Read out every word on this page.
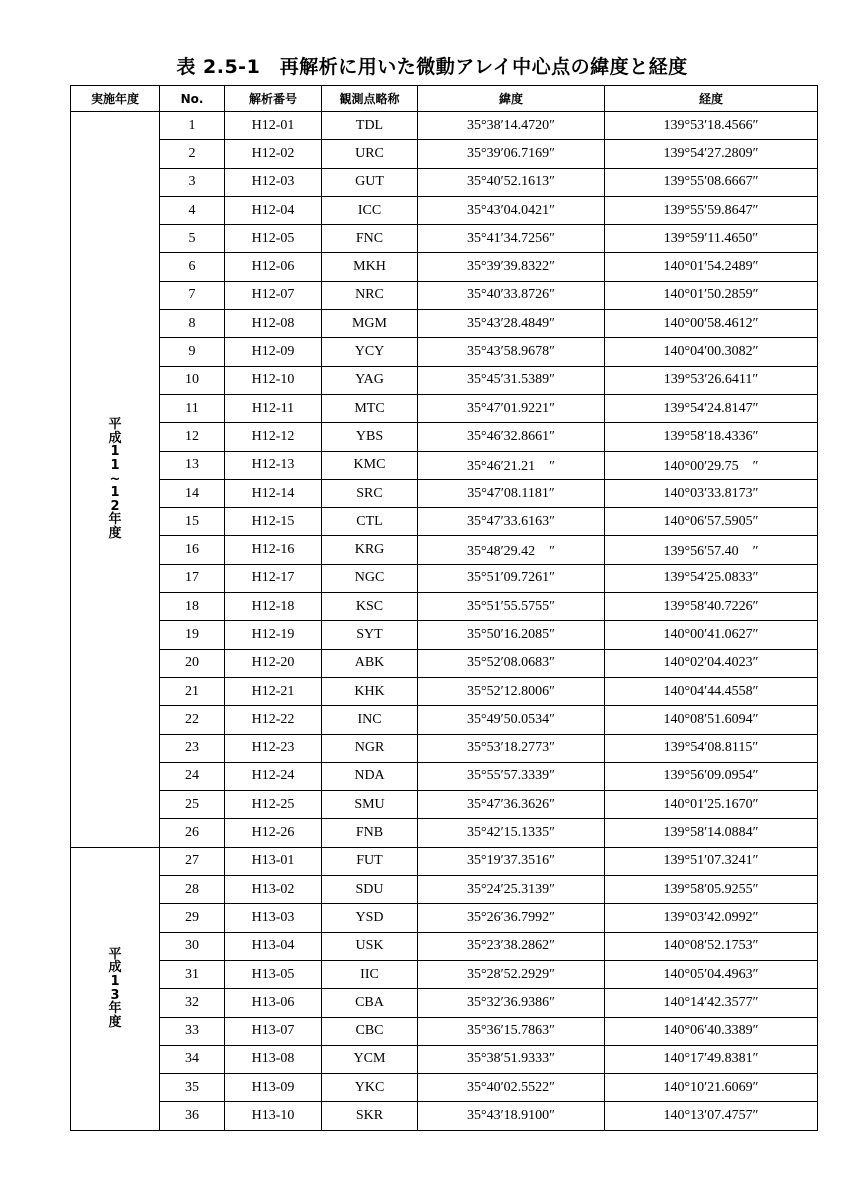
表 2.5-1　再解析に用いた微動アレイ中心点の緯度と経度
実施年度	No.	解析番号	観測点略称	緯度	経度
平成11~12年度	1	H12-01	TDL	35°38′14.4720″	139°53′18.4566″
	2	H12-02	URC	35°39′06.7169″	139°54′27.2809″
	3	H12-03	GUT	35°40′52.1613″	139°55′08.6667″
	4	H12-04	ICC	35°43′04.0421″	139°55′59.8647″
	5	H12-05	FNC	35°41′34.7256″	139°59′11.4650″
	6	H12-06	MKH	35°39′39.8322″	140°01′54.2489″
	7	H12-07	NRC	35°40′33.8726″	140°01′50.2859″
	8	H12-08	MGM	35°43′28.4849″	140°00′58.4612″
	9	H12-09	YCY	35°43′58.9678″	140°04′00.3082″
	10	H12-10	YAG	35°45′31.5389″	139°53′26.6411″
	11	H12-11	MTC	35°47′01.9221″	139°54′24.8147″
	12	H12-12	YBS	35°46′32.8661″	139°58′18.4336″
	13	H12-13	KMC	35°46′21.21　″	140°00′29.75　″
	14	H12-14	SRC	35°47′08.1181″	140°03′33.8173″
	15	H12-15	CTL	35°47′33.6163″	140°06′57.5905″
	16	H12-16	KRG	35°48′29.42　″	139°56′57.40　″
	17	H12-17	NGC	35°51′09.7261″	139°54′25.0833″
	18	H12-18	KSC	35°51′55.5755″	139°58′40.7226″
	19	H12-19	SYT	35°50′16.2085″	140°00′41.0627″
	20	H12-20	ABK	35°52′08.0683″	140°02′04.4023″
	21	H12-21	KHK	35°52′12.8006″	140°04′44.4558″
	22	H12-22	INC	35°49′50.0534″	140°08′51.6094″
	23	H12-23	NGR	35°53′18.2773″	139°54′08.8115″
	24	H12-24	NDA	35°55′57.3339″	139°56′09.0954″
	25	H12-25	SMU	35°47′36.3626″	140°01′25.1670″
	26	H12-26	FNB	35°42′15.1335″	139°58′14.0884″
平成13年度	27	H13-01	FUT	35°19′37.3516″	139°51′07.3241″
	28	H13-02	SDU	35°24′25.3139″	139°58′05.9255″
	29	H13-03	YSD	35°26′36.7992″	139°03′42.0992″
	30	H13-04	USK	35°23′38.2862″	140°08′52.1753″
	31	H13-05	IIC	35°28′52.2929″	140°05′04.4963″
	32	H13-06	CBA	35°32′36.9386″	140°14′42.3577″
	33	H13-07	CBC	35°36′15.7863″	140°06′40.3389″
	34	H13-08	YCM	35°38′51.9333″	140°17′49.8381″
	35	H13-09	YKC	35°40′02.5522″	140°10′21.6069″
	36	H13-10	SKR	35°43′18.9100″	140°13′07.4757″
